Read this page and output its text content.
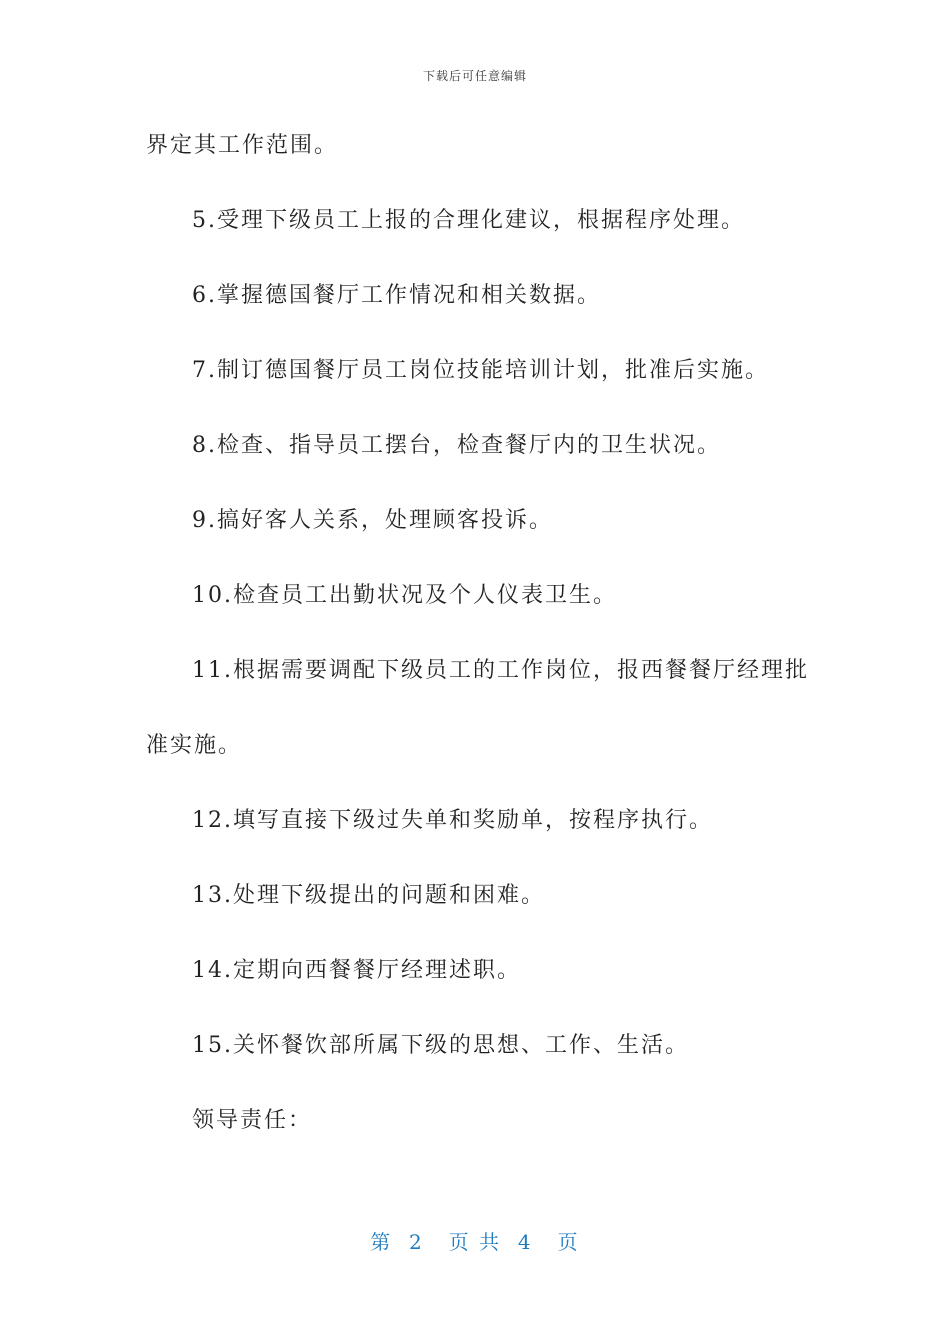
下载后可任意编辑
界定其工作范围。
5.受理下级员工上报的合理化建议，根据程序处理。
6.掌握德国餐厅工作情况和相关数据。
7.制订德国餐厅员工岗位技能培训计划，批准后实施。
8.检查、指导员工摆台，检查餐厅内的卫生状况。
9.搞好客人关系，处理顾客投诉。
10.检查员工出勤状况及个人仪表卫生。
11.根据需要调配下级员工的工作岗位，报西餐餐厅经理批
准实施。
12.填写直接下级过失单和奖励单，按程序执行。
13.处理下级提出的问题和困难。
14.定期向西餐餐厅经理述职。
15.关怀餐饮部所属下级的思想、工作、生活。
领导责任：
第  2   页 共  4   页
